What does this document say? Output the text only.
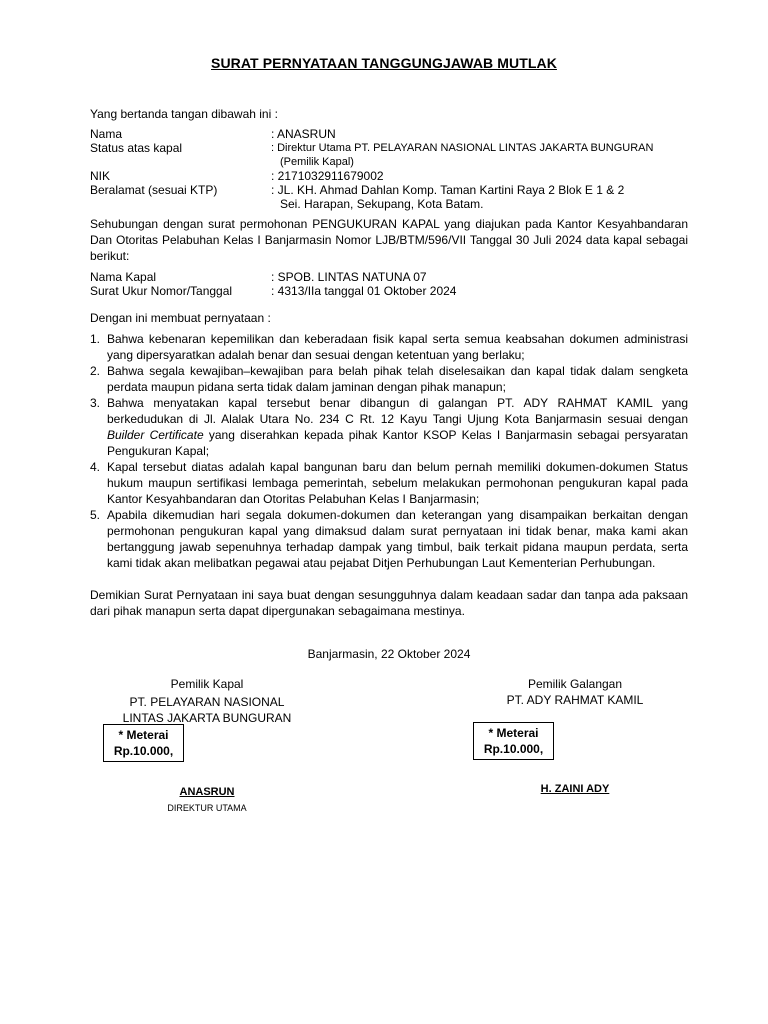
SURAT PERNYATAAN TANGGUNGJAWAB MUTLAK

Yang bertanda tangan dibawah ini :

Nama	: ANASRUN
Status atas kapal	: Direktur Utama PT. PELAYARAN NASIONAL LINTAS JAKARTA BUNGURAN
(Pemilik Kapal)
NIK	: 2171032911679002
Beralamat (sesuai KTP)	: JL. KH. Ahmad Dahlan Komp. Taman Kartini Raya 2 Blok E 1 & 2
Sei. Harapan, Sekupang, Kota Batam.

Sehubungan dengan surat permohonan PENGUKURAN KAPAL yang diajukan pada Kantor Kesyahbandaran Dan Otoritas Pelabuhan Kelas I Banjarmasin Nomor LJB/BTM/596/VII Tanggal 30 Juli 2024 data kapal sebagai berikut:

Nama Kapal	: SPOB. LINTAS NATUNA 07
Surat Ukur Nomor/Tanggal	: 4313/IIa tanggal 01 Oktober 2024

Dengan ini membuat pernyataan :

1. Bahwa kebenaran kepemilikan dan keberadaan fisik kapal serta semua keabsahan dokumen administrasi yang dipersyaratkan adalah benar dan sesuai dengan ketentuan yang berlaku;
2. Bahwa segala kewajiban–kewajiban para belah pihak telah diselesaikan dan kapal tidak dalam sengketa perdata maupun pidana serta tidak dalam jaminan dengan pihak manapun;
3. Bahwa menyatakan kapal tersebut benar dibangun di galangan PT. ADY RAHMAT KAMIL yang berkedudukan di Jl. Alalak Utara No. 234 C Rt. 12 Kayu Tangi Ujung Kota Banjarmasin sesuai dengan Builder Certificate yang diserahkan kepada pihak Kantor KSOP Kelas I Banjarmasin sebagai persyaratan Pengukuran Kapal;
4. Kapal tersebut diatas adalah kapal bangunan baru dan belum pernah memiliki dokumen-dokumen Status hukum maupun sertifikasi lembaga pemerintah, sebelum melakukan permohonan pengukuran kapal pada Kantor Kesyahbandaran dan Otoritas Pelabuhan Kelas I Banjarmasin;
5. Apabila dikemudian hari segala dokumen-dokumen dan keterangan yang disampaikan berkaitan dengan permohonan pengukuran kapal yang dimaksud dalam surat pernyataan ini tidak benar, maka kami akan bertanggung jawab sepenuhnya terhadap dampak yang timbul, baik terkait pidana maupun perdata, serta kami tidak akan melibatkan pegawai atau pejabat Ditjen Perhubungan Laut Kementerian Perhubungan.

Demikian Surat Pernyataan ini saya buat dengan sesungguhnya dalam keadaan sadar dan tanpa ada paksaan dari pihak manapun serta dapat dipergunakan sebagaimana mestinya.

Banjarmasin, 22 Oktober 2024

Pemilik Kapal
PT. PELAYARAN NASIONAL
LINTAS JAKARTA BUNGURAN
* Meterai
Rp.10.000,
ANASRUN
DIREKTUR UTAMA
Pemilik Galangan
PT. ADY RAHMAT KAMIL
* Meterai
Rp.10.000,
H. ZAINI ADY
